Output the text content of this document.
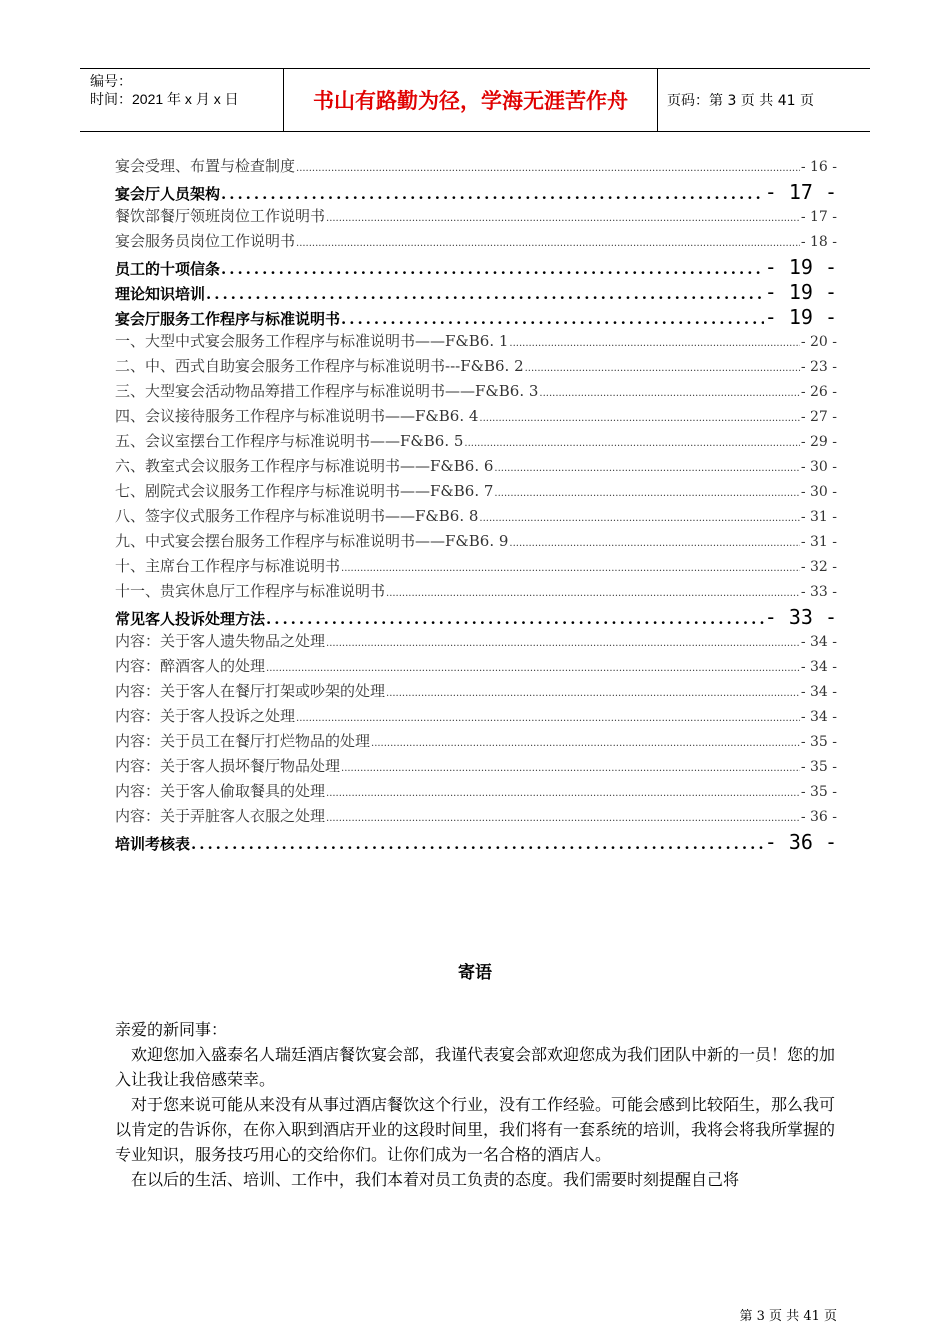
编号：
时间：2021 年 x 月 x 日	书山有路勤为径，学海无涯苦作舟	页码：第 3 页 共 41 页
宴会受理、布置与检查制度 .....	- 16 -
宴会厅人员架构 .....	- 17 -
餐饮部餐厅领班岗位工作说明书 .....	- 17 -
宴会服务员岗位工作说明书 .....	- 18 -
员工的十项信条 .....	- 19 -
理论知识培训 .....	- 19 -
宴会厅服务工作程序与标准说明书 .....	- 19 -
一、大型中式宴会服务工作程序与标准说明书——F&B6. 1 .....	- 20 -
二、中、西式自助宴会服务工作程序与标准说明书---F&B6. 2 .....	- 23 -
三、大型宴会活动物品筹措工作程序与标准说明书——F&B6. 3 .....	- 26 -
四、会议接待服务工作程序与标准说明书——F&B6. 4 .....	- 27 -
五、会议室摆台工作程序与标准说明书——F&B6. 5 .....	- 29 -
六、教室式会议服务工作程序与标准说明书——F&B6. 6 .....	- 30 -
七、剧院式会议服务工作程序与标准说明书——F&B6. 7 .....	- 30 -
八、签字仪式服务工作程序与标准说明书——F&B6. 8 .....	- 31 -
九、中式宴会摆台服务工作程序与标准说明书——F&B6. 9 .....	- 31 -
十、主席台工作程序与标准说明书 .....	- 32 -
十一、贵宾休息厅工作程序与标准说明书 .....	- 33 -
常见客人投诉处理方法 .....	- 33 -
内容：关于客人遗失物品之处理 .....	- 34 -
内容：醉酒客人的处理 .....	- 34 -
内容：关于客人在餐厅打架或吵架的处理 .....	- 34 -
内容：关于客人投诉之处理 .....	- 34 -
内容：关于员工在餐厅打烂物品的处理 .....	- 35 -
内容：关于客人损坏餐厅物品处理 .....	- 35 -
内容：关于客人偷取餐具的处理 .....	- 35 -
内容：关于弄脏客人衣服之处理 .....	- 36 -
培训考核表 .....	- 36 -
寄语

亲爱的新同事：

欢迎您加入盛泰名人瑞廷酒店餐饮宴会部，我谨代表宴会部欢迎您成为我们团队中新的一员！您的加入让我让我倍感荣幸。

对于您来说可能从来没有从事过酒店餐饮这个行业，没有工作经验。可能会感到比较陌生，那么我可以肯定的告诉你，在你入职到酒店开业的这段时间里，我们将有一套系统的培训，我将会将我所掌握的专业知识，服务技巧用心的交给你们。让你们成为一名合格的酒店人。

在以后的生活、培训、工作中，我们本着对员工负责的态度。我们需要时刻提醒自己将

第 3 页 共 41 页
